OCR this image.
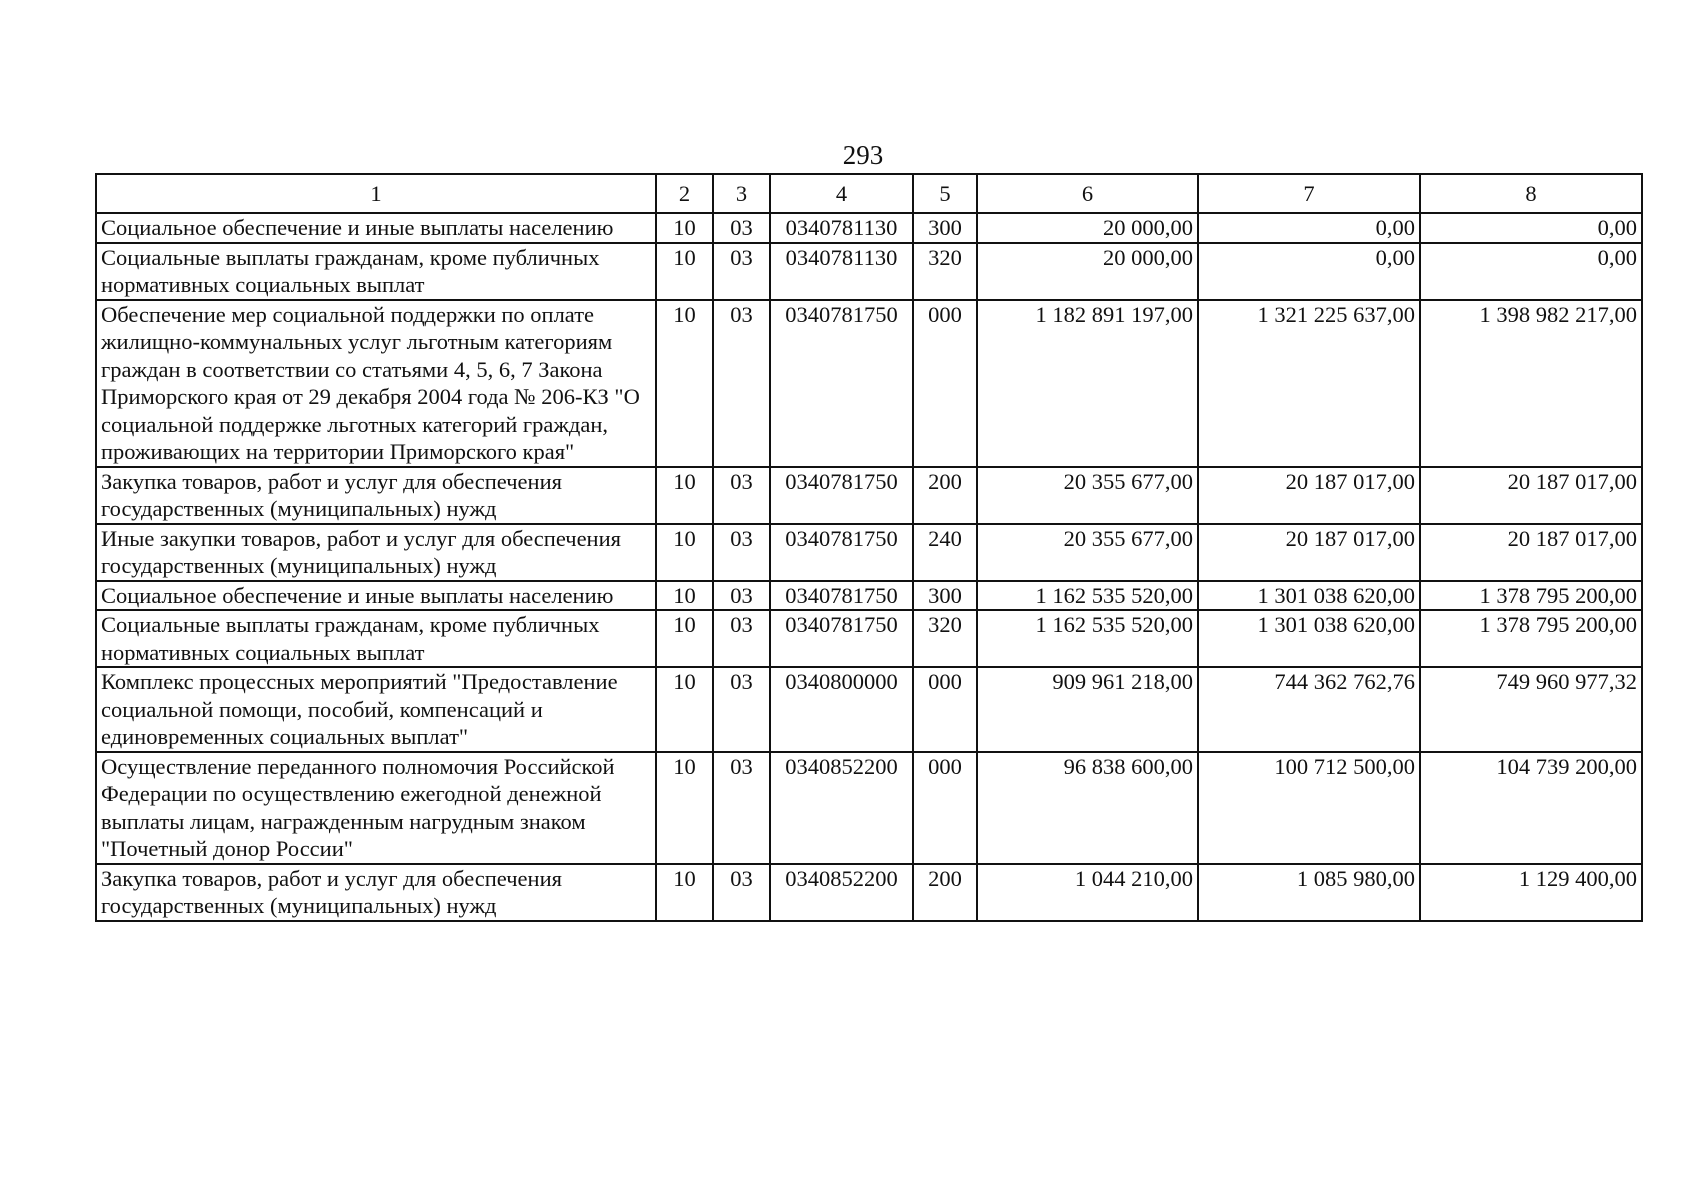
293
1	2	3	4	5	6	7	8
Социальное обеспечение и иные выплаты населению	10	03	0340781130	300	20 000,00	0,00	0,00
Социальные выплаты гражданам, кроме публичных нормативных социальных выплат	10	03	0340781130	320	20 000,00	0,00	0,00
Обеспечение мер социальной поддержки по оплате жилищно-коммунальных услуг льготным категориям граждан в соответствии со статьями 4, 5, 6, 7 Закона Приморского края от 29 декабря 2004 года № 206-КЗ "О социальной поддержке льготных категорий граждан, проживающих на территории Приморского края"	10	03	0340781750	000	1 182 891 197,00	1 321 225 637,00	1 398 982 217,00
Закупка товаров, работ и услуг для обеспечения государственных (муниципальных) нужд	10	03	0340781750	200	20 355 677,00	20 187 017,00	20 187 017,00
Иные закупки товаров, работ и услуг для обеспечения государственных (муниципальных) нужд	10	03	0340781750	240	20 355 677,00	20 187 017,00	20 187 017,00
Социальное обеспечение и иные выплаты населению	10	03	0340781750	300	1 162 535 520,00	1 301 038 620,00	1 378 795 200,00
Социальные выплаты гражданам, кроме публичных нормативных социальных выплат	10	03	0340781750	320	1 162 535 520,00	1 301 038 620,00	1 378 795 200,00
Комплекс процессных мероприятий "Предоставление социальной помощи, пособий, компенсаций и единовременных социальных выплат"	10	03	0340800000	000	909 961 218,00	744 362 762,76	749 960 977,32
Осуществление переданного полномочия Российской Федерации по осуществлению ежегодной денежной выплаты лицам, награжденным нагрудным знаком "Почетный донор России"	10	03	0340852200	000	96 838 600,00	100 712 500,00	104 739 200,00
Закупка товаров, работ и услуг для обеспечения государственных (муниципальных) нужд	10	03	0340852200	200	1 044 210,00	1 085 980,00	1 129 400,00
